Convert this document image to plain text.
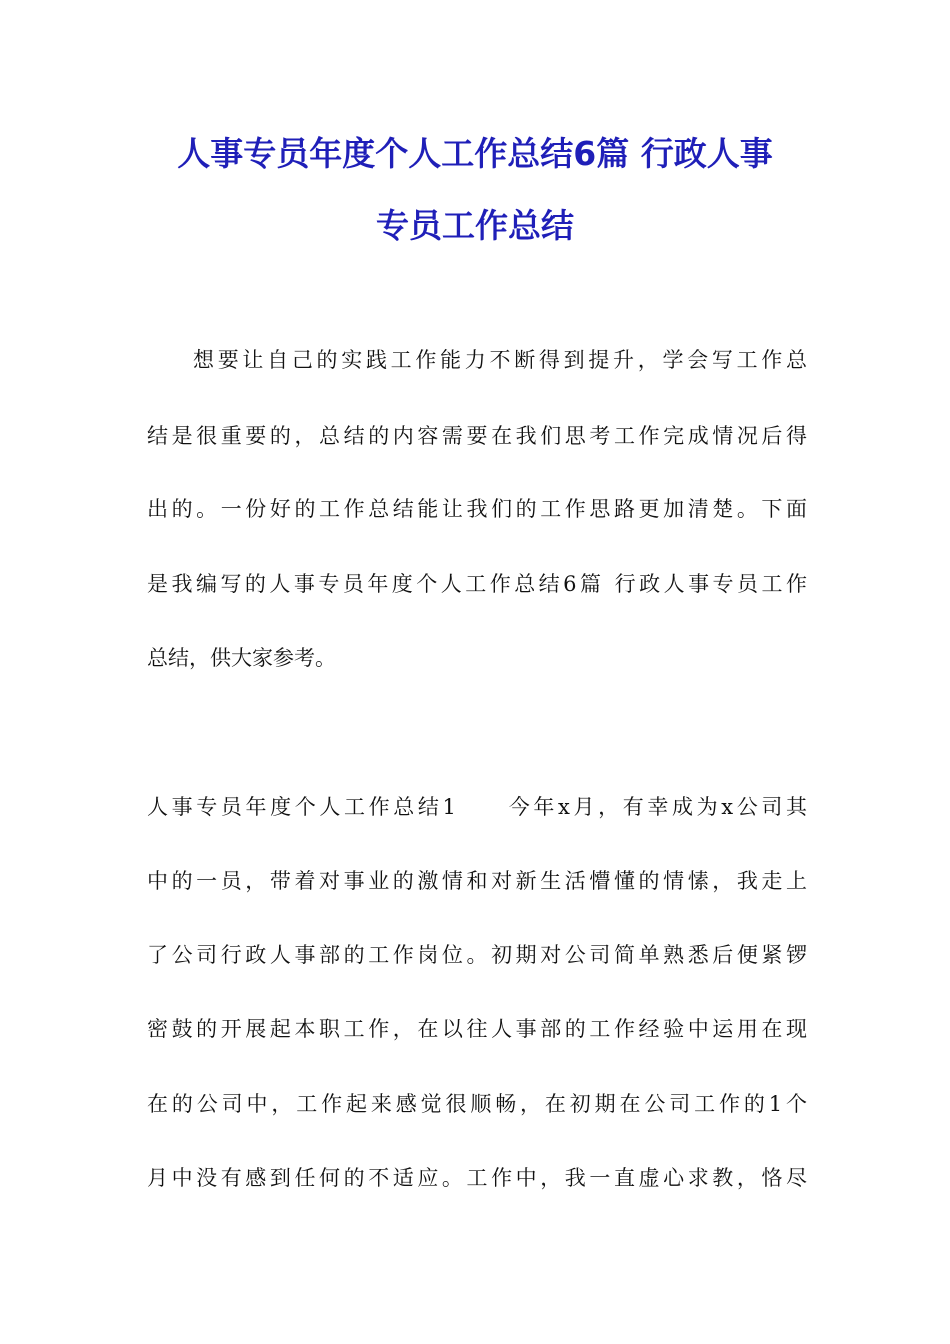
人事专员年度个人工作总结6篇 行政人事
专员工作总结
想要让自己的实践工作能力不断得到提升，学会写工作总
结是很重要的，总结的内容需要在我们思考工作完成情况后得
出的。一份好的工作总结能让我们的工作思路更加清楚。下面
是我编写的人事专员年度个人工作总结6篇 行政人事专员工作
总结，供大家参考。
人事专员年度个人工作总结1　　今年x月，有幸成为x公司其
中的一员，带着对事业的激情和对新生活懵懂的情愫，我走上
了公司行政人事部的工作岗位。初期对公司简单熟悉后便紧锣
密鼓的开展起本职工作，在以往人事部的工作经验中运用在现
在的公司中，工作起来感觉很顺畅，在初期在公司工作的1个
月中没有感到任何的不适应。工作中，我一直虚心求教，恪尽
